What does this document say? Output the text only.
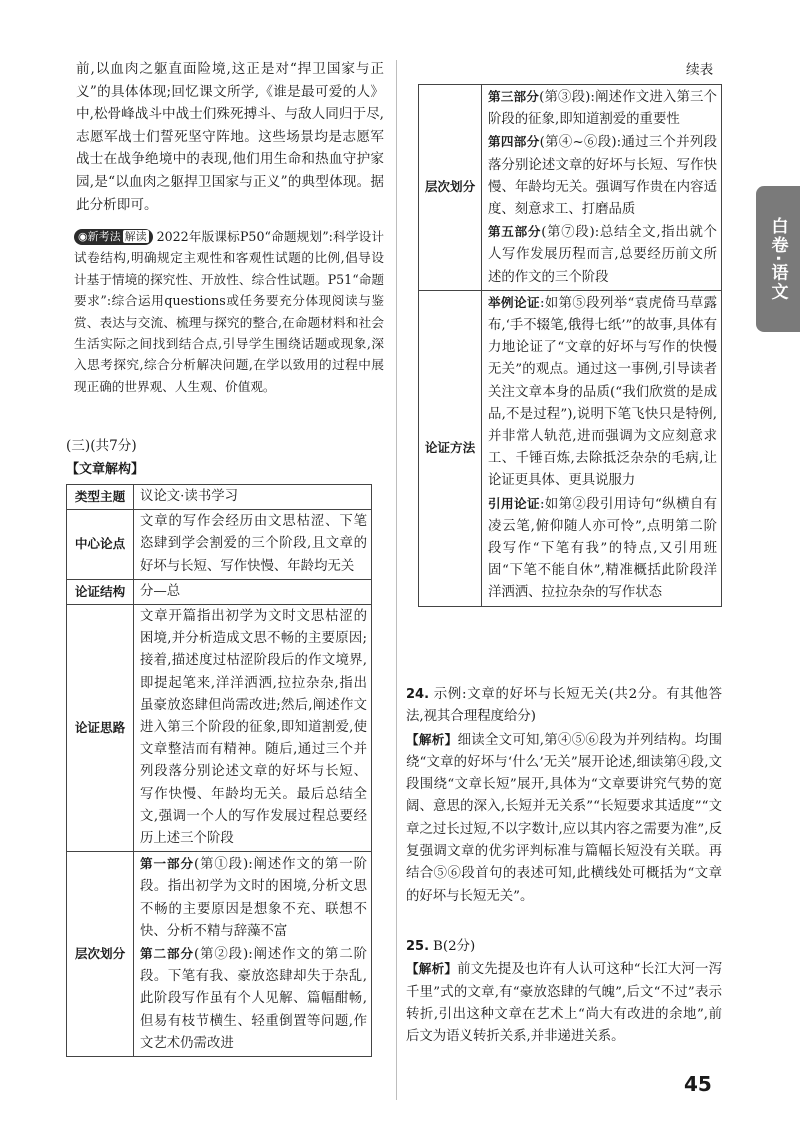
前,以血肉之躯直面险境,这正是对“捍卫国家与正义”的具体体现;回忆课文所学,《谁是最可爱的人》中,松骨峰战斗中战士们殊死搏斗、与敌人同归于尽,志愿军战士们誓死坚守阵地。这些场景均是志愿军战士在战争绝境中的表现,他们用生命和热血守护家园,是“以血肉之躯捍卫国家与正义”的典型体现。据此分析即可。

◉新考法 解读 2022年版课标P50“命题规划”:科学设计试卷结构,明确规定主观性和客观性试题的比例,倡导设计基于情境的探究性、开放性、综合性试题。P51“命题要求”:综合运用questions或任务要充分体现阅读与鉴赏、表达与交流、梳理与探究的整合,在命题材料和社会生活实际之间找到结合点,引导学生围绕话题或现象,深入思考探究,综合分析解决问题,在学以致用的过程中展现正确的世界观、人生观、价值观。
(三)(共7分)
【文章解构】
类型主题	议论文·读书学习
中心论点	文章的写作会经历由文思枯涩、下笔恣肆到学会割爱的三个阶段,且文章的好坏与长短、写作快慢、年龄均无关
论证结构	分—总
论证思路	文章开篇指出初学为文时文思枯涩的困境,并分析造成文思不畅的主要原因;接着,描述度过枯涩阶段后的作文境界,即提起笔来,洋洋洒洒,拉拉杂杂,指出虽豪放恣肆但尚需改进;然后,阐述作文进入第三个阶段的征象,即知道割爱,使文章整洁而有精神。随后,通过三个并列段落分别论述文章的好坏与长短、写作快慢、年龄均无关。最后总结全文,强调一个人的写作发展过程总要经历上述三个阶段
层次划分	第一部分(第①段):阐述作文的第一阶段。指出初学为文时的困境,分析文思不畅的主要原因是想象不充、联想不快、分析不精与辞藻不富
第二部分(第②段):阐述作文的第二阶段。下笔有我、豪放恣肆却失于杂乱,此阶段写作虽有个人见解、篇幅酣畅,但易有枝节横生、轻重倒置等问题,作文艺术仍需改进
续表
层次划分	第三部分(第③段):阐述作文进入第三个阶段的征象,即知道割爱的重要性
第四部分(第④~⑥段):通过三个并列段落分别论述文章的好坏与长短、写作快慢、年龄均无关。强调写作贵在内容适度、刻意求工、打磨品质
第五部分(第⑦段):总结全文,指出就个人写作发展历程而言,总要经历前文所述的作文的三个阶段

论证方法	举例论证:如第⑤段列举“袁虎倚马草露布,‘手不辍笔,俄得七纸’”的故事,具体有力地论证了“文章的好坏与写作的快慢无关”的观点。通过这一事例,引导读者关注文章本身的品质(“我们欣赏的是成品,不是过程”),说明下笔飞快只是特例,并非常人轨范,进而强调为文应刻意求工、千锤百炼,去除抵泛杂杂的毛病,让论证更具体、更具说服力
引用论证:如第②段引用诗句“纵横自有凌云笔,俯仰随人亦可怜”,点明第二阶段写作“下笔有我”的特点,又引用班固“下笔不能自休”,精准概括此阶段洋洋洒洒、拉拉杂杂的写作状态
24. 示例:文章的好坏与长短无关(共2分。有其他答法,视其合理程度给分)
【解析】细读全文可知,第④⑤⑥段为并列结构。均围绕“文章的好坏与‘什么’无关”展开论述,细读第④段,文段围绕“文章长短”展开,具体为“文章要讲究气势的宽阔、意思的深入,长短并无关系”“长短要求其适度”“文章之过长过短,不以字数计,应以其内容之需要为准”,反复强调文章的优劣评判标准与篇幅长短没有关联。再结合⑤⑥段首句的表述可知,此横线处可概括为“文章的好坏与长短无关”。
25. B(2分)
【解析】前文先提及也许有人认可这种“长江大河一泻千里”式的文章,有“豪放恣肆的气魄”,后文“不过”表示转折,引出这种文章在艺术上“尚大有改进的余地”,前后文为语义转折关系,并非递进关系。
白卷·语文
45
